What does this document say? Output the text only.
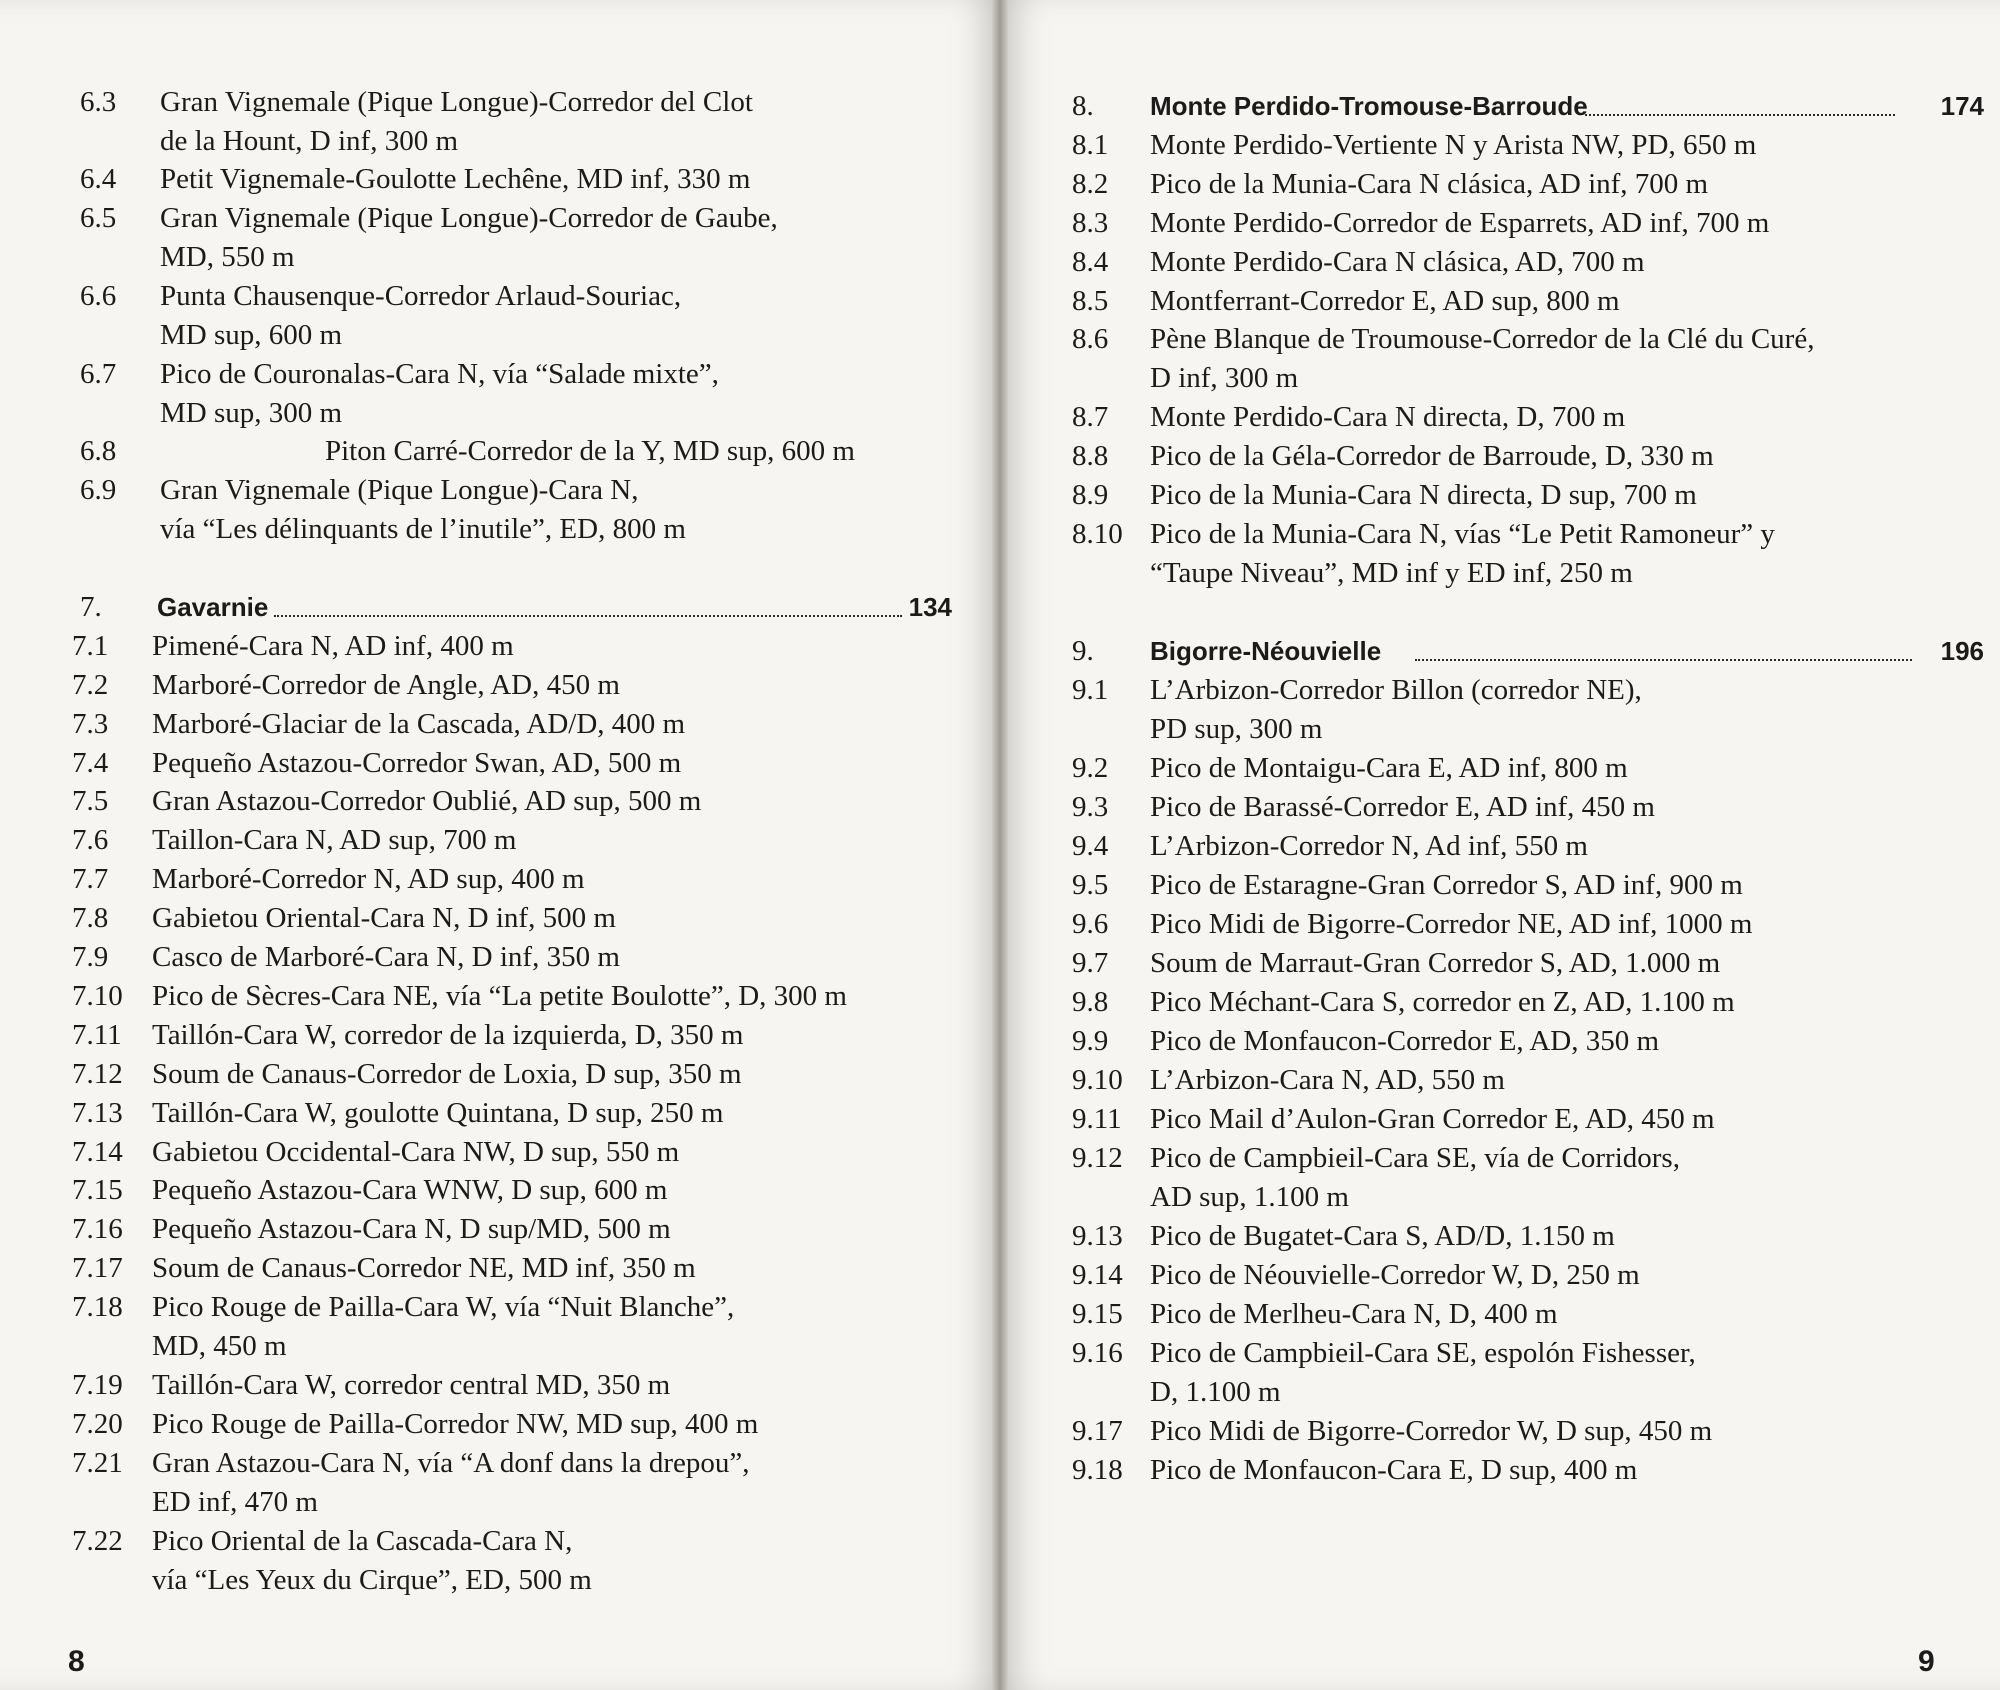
6.3 Gran Vignemale (Pique Longue)-Corredor del Clot
de la Hount, D inf, 300 m
6.4 Petit Vignemale-Goulotte Lechêne, MD inf, 330 m
6.5 Gran Vignemale (Pique Longue)-Corredor de Gaube,
MD, 550 m
6.6 Punta Chausenque-Corredor Arlaud-Souriac,
MD sup, 600 m
6.7 Pico de Couronalas-Cara N, vía “Salade mixte”,
MD sup, 300 m
6.8	Piton Carré-Corredor de la Y, MD sup, 600 m
6.9 Gran Vignemale (Pique Longue)-Cara N,
vía “Les délinquants de l’inutile”, ED, 800 m
7. Gavarnie	134
7.1 Pimené-Cara N, AD inf, 400 m
7.2 Marboré-Corredor de Angle, AD, 450 m
7.3 Marboré-Glaciar de la Cascada, AD/D, 400 m
7.4 Pequeño Astazou-Corredor Swan, AD, 500 m
7.5 Gran Astazou-Corredor Oublié, AD sup, 500 m
7.6 Taillon-Cara N, AD sup, 700 m
7.7 Marboré-Corredor N, AD sup, 400 m
7.8 Gabietou Oriental-Cara N, D inf, 500 m
7.9 Casco de Marboré-Cara N, D inf, 350 m
7.10 Pico de Sècres-Cara NE, vía “La petite Boulotte”, D, 300 m
7.11 Taillón-Cara W, corredor de la izquierda, D, 350 m
7.12 Soum de Canaus-Corredor de Loxia, D sup, 350 m
7.13 Taillón-Cara W, goulotte Quintana, D sup, 250 m
7.14 Gabietou Occidental-Cara NW, D sup, 550 m
7.15 Pequeño Astazou-Cara WNW, D sup, 600 m
7.16 Pequeño Astazou-Cara N, D sup/MD, 500 m
7.17 Soum de Canaus-Corredor NE, MD inf, 350 m
7.18 Pico Rouge de Pailla-Cara W, vía “Nuit Blanche”,
MD, 450 m
7.19 Taillón-Cara W, corredor central MD, 350 m
7.20 Pico Rouge de Pailla-Corredor NW, MD sup, 400 m
7.21 Gran Astazou-Cara N, vía “A donf dans la drepou”,
ED inf, 470 m
7.22 Pico Oriental de la Cascada-Cara N,
vía “Les Yeux du Cirque”, ED, 500 m
8. Monte Perdido-Tromouse-Barroude	174
8.1 Monte Perdido-Vertiente N y Arista NW, PD, 650 m
8.2 Pico de la Munia-Cara N clásica, AD inf, 700 m
8.3 Monte Perdido-Corredor de Esparrets, AD inf, 700 m
8.4 Monte Perdido-Cara N clásica, AD, 700 m
8.5 Montferrant-Corredor E, AD sup, 800 m
8.6 Pène Blanque de Troumouse-Corredor de la Clé du Curé,
D inf, 300 m
8.7 Monte Perdido-Cara N directa, D, 700 m
8.8 Pico de la Géla-Corredor de Barroude, D, 330 m
8.9 Pico de la Munia-Cara N directa, D sup, 700 m
8.10 Pico de la Munia-Cara N, vías “Le Petit Ramoneur” y
“Taupe Niveau”, MD inf y ED inf, 250 m
9. Bigorre-Néouvielle	196
9.1 L’Arbizon-Corredor Billon (corredor NE),
PD sup, 300 m
9.2 Pico de Montaigu-Cara E, AD inf, 800 m
9.3 Pico de Barassé-Corredor E, AD inf, 450 m
9.4 L’Arbizon-Corredor N, Ad inf, 550 m
9.5 Pico de Estaragne-Gran Corredor S, AD inf, 900 m
9.6 Pico Midi de Bigorre-Corredor NE, AD inf, 1000 m
9.7 Soum de Marraut-Gran Corredor S, AD, 1.000 m
9.8 Pico Méchant-Cara S, corredor en Z, AD, 1.100 m
9.9 Pico de Monfaucon-Corredor E, AD, 350 m
9.10 L’Arbizon-Cara N, AD, 550 m
9.11 Pico Mail d’Aulon-Gran Corredor E, AD, 450 m
9.12 Pico de Campbieil-Cara SE, vía de Corridors,
AD sup, 1.100 m
9.13 Pico de Bugatet-Cara S, AD/D, 1.150 m
9.14 Pico de Néouvielle-Corredor W, D, 250 m
9.15 Pico de Merlheu-Cara N, D, 400 m
9.16 Pico de Campbieil-Cara SE, espolón Fishesser,
D, 1.100 m
9.17 Pico Midi de Bigorre-Corredor W, D sup, 450 m
9.18 Pico de Monfaucon-Cara E, D sup, 400 m
8	9
